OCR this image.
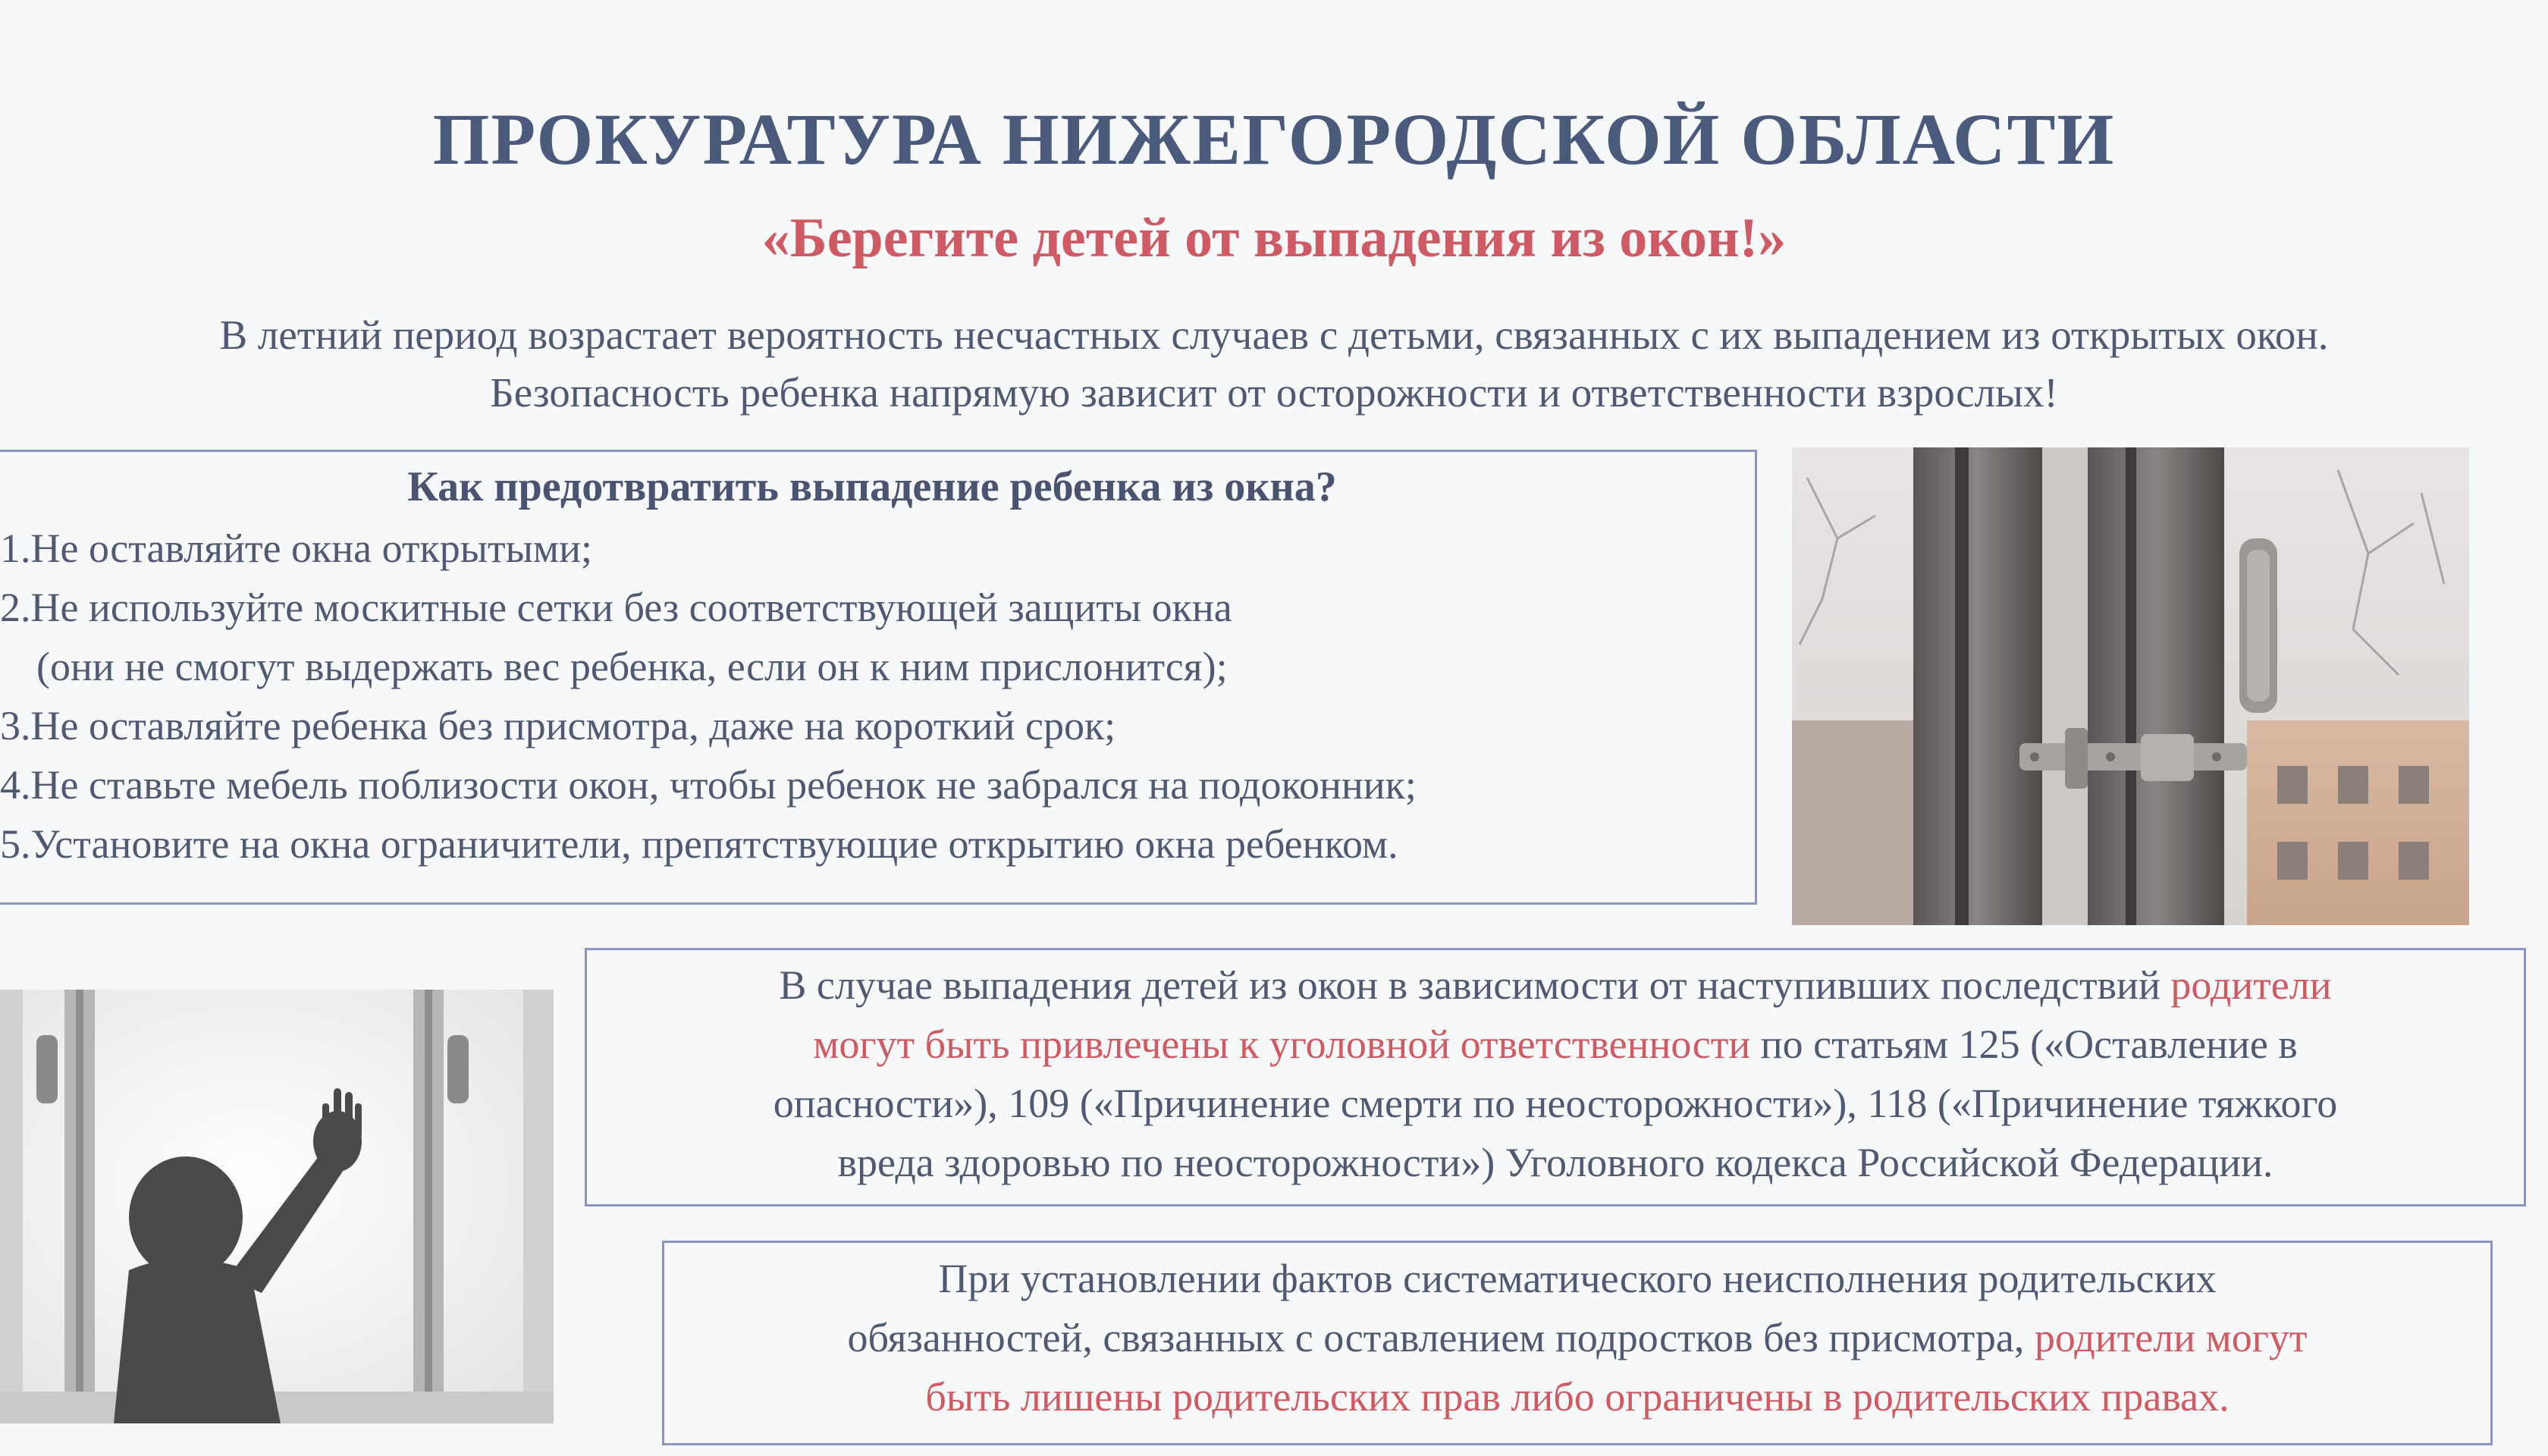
ПРОКУРАТУРА НИЖЕГОРОДСКОЙ ОБЛАСТИ
«Берегите детей от выпадения из окон!»
В летний период возрастает вероятность несчастных случаев с детьми, связанных с их выпадением из открытых окон.
Безопасность ребенка напрямую зависит от осторожности и ответственности взрослых!
Как предотвратить выпадение ребенка из окна?
1.Не оставляйте окна открытыми;
2.Не используйте москитные сетки без соответствующей защиты окна
(они не смогут выдержать вес ребенка, если он к ним прислонится);
3.Не оставляйте ребенка без присмотра, даже на короткий срок;
4.Не ставьте мебель поблизости окон, чтобы ребенок не забрался на подоконник;
5.Установите на окна ограничители, препятствующие открытию окна ребенком.
В случае выпадения детей из окон в зависимости от наступивших последствий родители
могут быть привлечены к уголовной ответственности по статьям 125 («Оставление в
опасности»), 109 («Причинение смерти по неосторожности»), 118 («Причинение тяжкого
вреда здоровью по неосторожности») Уголовного кодекса Российской Федерации.
При установлении фактов систематического неисполнения родительских
обязанностей, связанных с оставлением подростков без присмотра, родители могут
быть лишены родительских прав либо ограничены в родительских правах.
